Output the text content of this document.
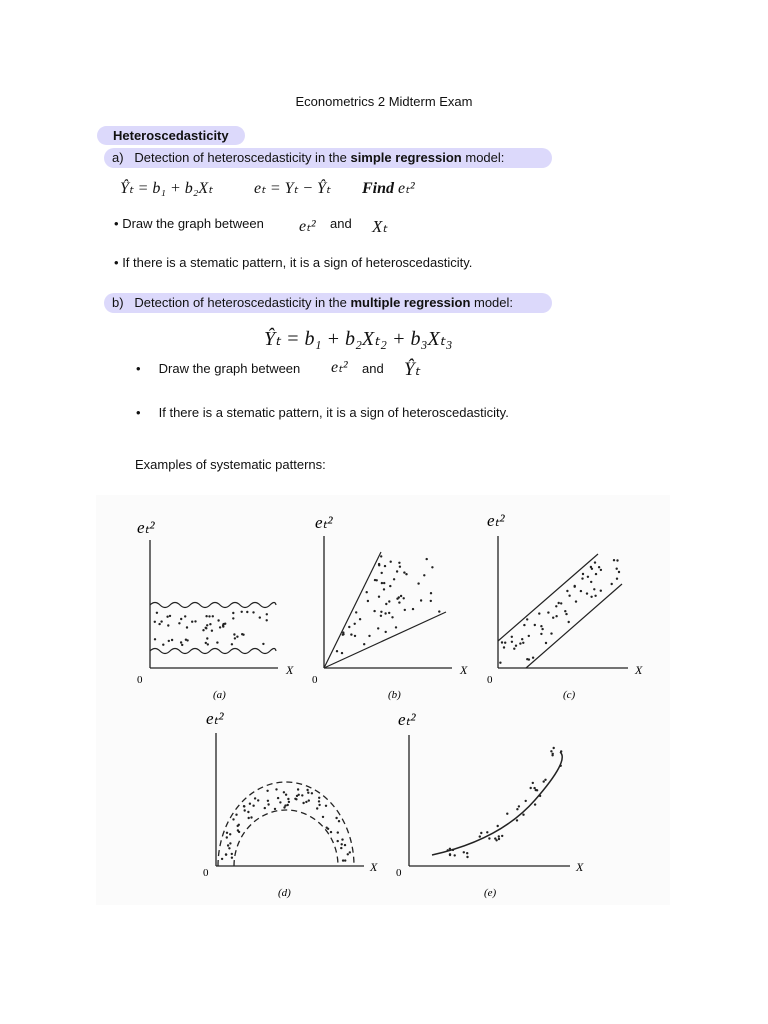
Econometrics 2 Midterm Exam
Heteroscedasticity
a) Detection of heteroscedasticity in the simple regression model:
Ŷₜ = b₁ + b₂Xₜ	eₜ = Yₜ − Ŷₜ Find eₜ²
• Draw the graph between eₜ² and Xₜ
• If there is a stematic pattern, it is a sign of heteroscedasticity.
b) Detection of heteroscedasticity in the multiple regression model:
Ŷₜ = b₁ + b₂Xₜ₂ + b₃Xₜ₃
• Draw the graph between eₜ² and Ŷₜ
• If there is a stematic pattern, it is a sign of heteroscedasticity.
Examples of systematic patterns:
eₜ²
0
X
(a)
eₜ²
0
X
(b)
eₜ²
0
X
(c)
eₜ²
0	X
(d)
eₜ²
0	X
(e)
